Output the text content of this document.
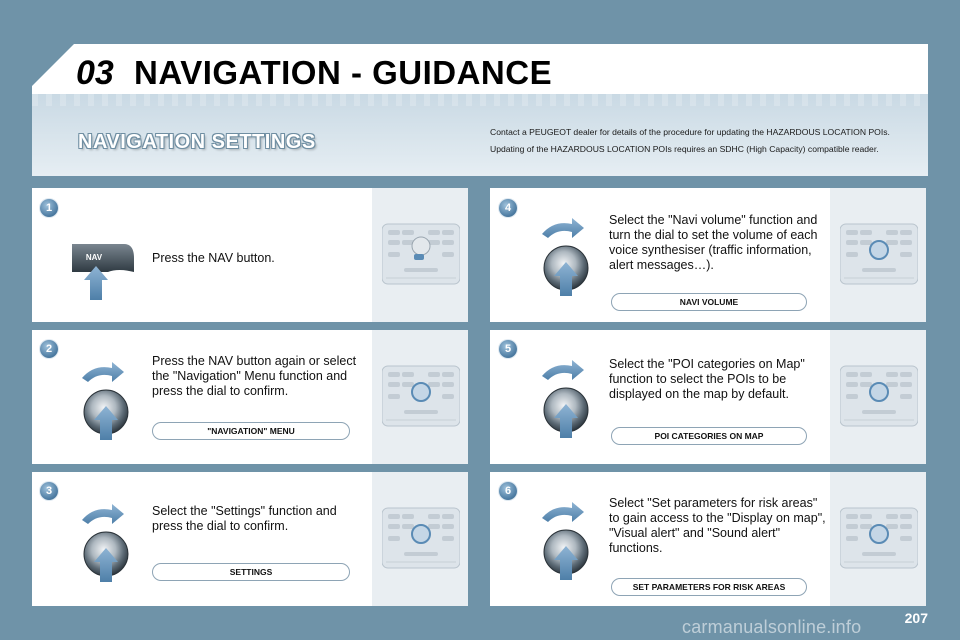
03 NAVIGATION - GUIDANCE
NAVIGATION SETTINGS	Contact a PEUGEOT dealer for details of the procedure for updating the HAZARDOUS LOCATION POIs.
Updating of the HAZARDOUS LOCATION POIs requires an SDHC (High Capacity) compatible reader.
NAV
1
Press the NAV button.
2
Press the NAV button again or select the "Navigation" Menu function and press the dial to confirm.
"NAVIGATION" MENU
3
Select the "Settings" function and press the dial to confirm.
SETTINGS
4
Select the "Navi volume" function and turn the dial to set the volume of each voice synthesiser (traffic information, alert messages…).
NAVI VOLUME
5
Select the "POI categories on Map" function to select the POIs to be displayed on the map by default.
POI CATEGORIES ON MAP
6
Select "Set parameters for risk areas" to gain access to the "Display on map", "Visual alert" and "Sound alert" functions.
SET PARAMETERS FOR RISK AREAS
207
carmanualsonline.info
